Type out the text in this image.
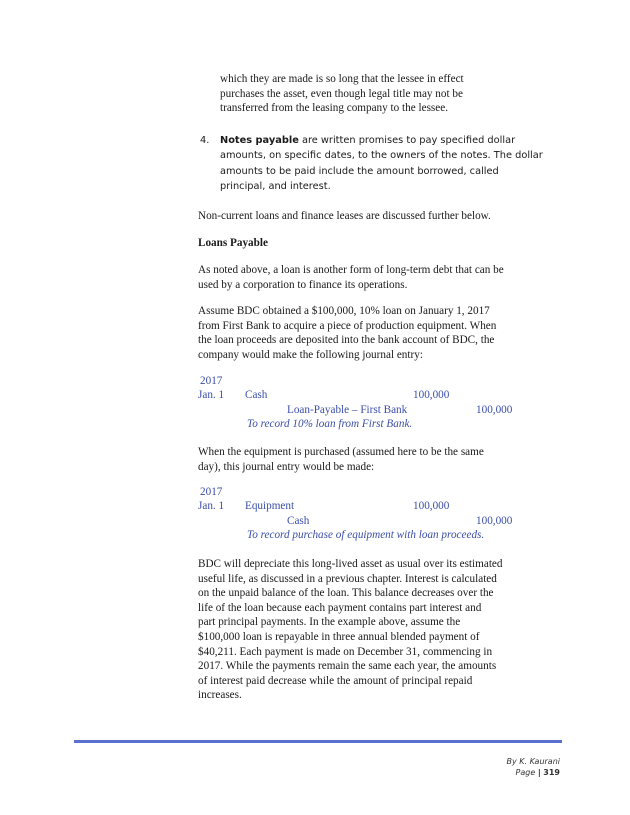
which they are made is so long that the lessee in effect

purchases the asset, even though legal title may not be

transferred from the leasing company to the lessee.

4. Notes payable are written promises to pay specified dollar

amounts, on specific dates, to the owners of the notes. The dollar

amounts to be paid include the amount borrowed, called

principal, and interest.

Non-current loans and finance leases are discussed further below.

Loans Payable

As noted above, a loan is another form of long-term debt that can be

used by a corporation to finance its operations.

Assume BDC obtained a $100,000, 10% loan on January 1, 2017

from First Bank to acquire a piece of production equipment. When

the loan proceeds are deposited into the bank account of BDC, the

company would make the following journal entry:

2017
Jan. 1 Cash	100,000
Loan-Payable – First Bank	100,000
To record 10% loan from First Bank.

When the equipment is purchased (assumed here to be the same

day), this journal entry would be made:

2017
Jan. 1 Equipment	100,000
Cash	100,000
To record purchase of equipment with loan proceeds.

BDC will depreciate this long-lived asset as usual over its estimated

useful life, as discussed in a previous chapter. Interest is calculated

on the unpaid balance of the loan. This balance decreases over the

life of the loan because each payment contains part interest and

part principal payments. In the example above, assume the

$100,000 loan is repayable in three annual blended payment of

$40,211. Each payment is made on December 31, commencing in

2017. While the payments remain the same each year, the amounts

of interest paid decrease while the amount of principal repaid

increases.

By K. Kaurani
Page | 319
